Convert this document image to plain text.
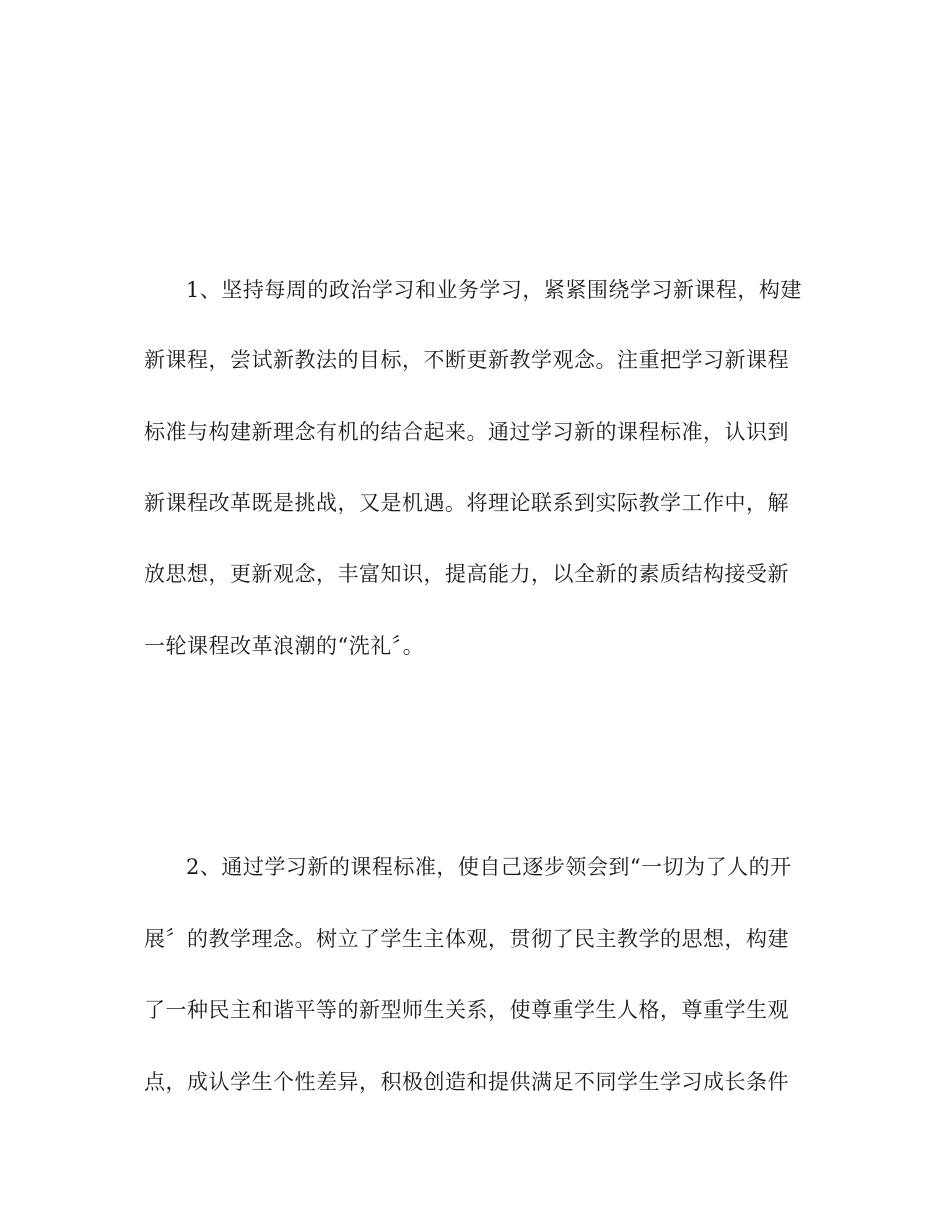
1、坚持每周的政治学习和业务学习，紧紧围绕学习新课程，构建
新课程，尝试新教法的目标，不断更新教学观念。注重把学习新课程
标准与构建新理念有机的结合起来。通过学习新的课程标准，认识到
新课程改革既是挑战，又是机遇。将理论联系到实际教学工作中，解
放思想，更新观念，丰富知识，提高能力，以全新的素质结构接受新
一轮课程改革浪潮的“洗礼〞。
2、通过学习新的课程标准，使自己逐步领会到“一切为了人的开
展〞的教学理念。树立了学生主体观，贯彻了民主教学的思想，构建
了一种民主和谐平等的新型师生关系，使尊重学生人格，尊重学生观
点，成认学生个性差异，积极创造和提供满足不同学生学习成长条件
